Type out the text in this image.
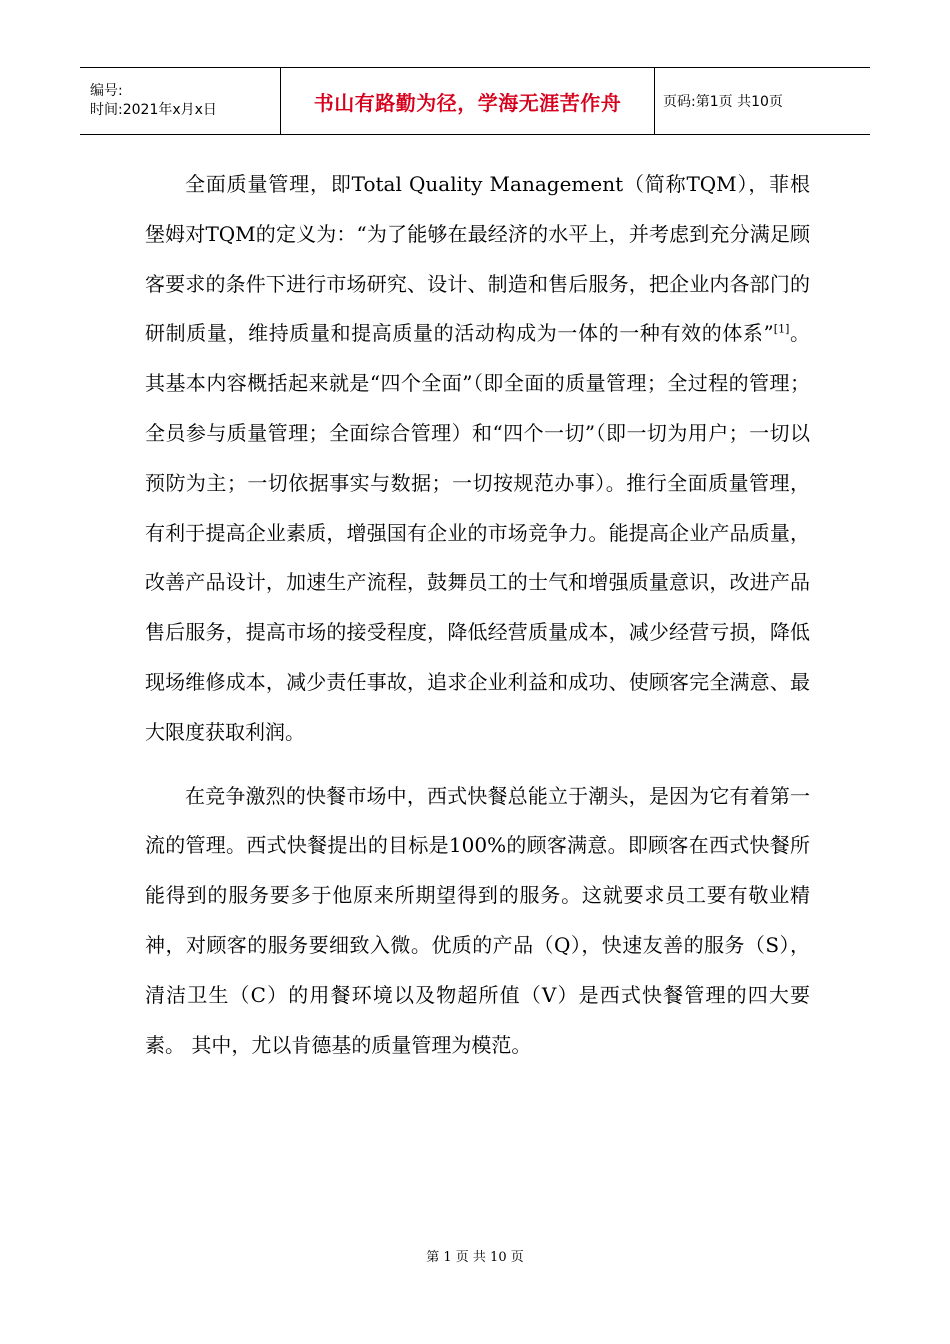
编号:
时间:2021年x月x日	书山有路勤为径，学海无涯苦作舟	页码:第1页 共10页

全面质量管理，即Total Quality Management（简称TQM），菲根堡姆对TQM的定义为：“为了能够在最经济的水平上，并考虑到充分满足顾客要求的条件下进行市场研究、设计、制造和售后服务，把企业内各部门的研制质量，维持质量和提高质量的活动构成为一体的一种有效的体系”[1]。其基本内容概括起来就是“四个全面”（即全面的质量管理；全过程的管理；全员参与质量管理；全面综合管理）和“四个一切”（即一切为用户；一切以预防为主；一切依据事实与数据；一切按规范办事）。推行全面质量管理，有利于提高企业素质，增强国有企业的市场竞争力。能提高企业产品质量，改善产品设计，加速生产流程，鼓舞员工的士气和增强质量意识，改进产品售后服务，提高市场的接受程度，降低经营质量成本，减少经营亏损，降低现场维修成本，减少责任事故，追求企业利益和成功、使顾客完全满意、最大限度获取利润。

在竞争激烈的快餐市场中，西式快餐总能立于潮头，是因为它有着第一流的管理。西式快餐提出的目标是100%的顾客满意。即顾客在西式快餐所能得到的服务要多于他原来所期望得到的服务。这就要求员工要有敬业精神，对顾客的服务要细致入微。优质的产品（Q），快速友善的服务（S），清洁卫生（C）的用餐环境以及物超所值（V）是西式快餐管理的四大要素。 其中，尤以肯德基的质量管理为模范。

第 1 页 共 10 页
